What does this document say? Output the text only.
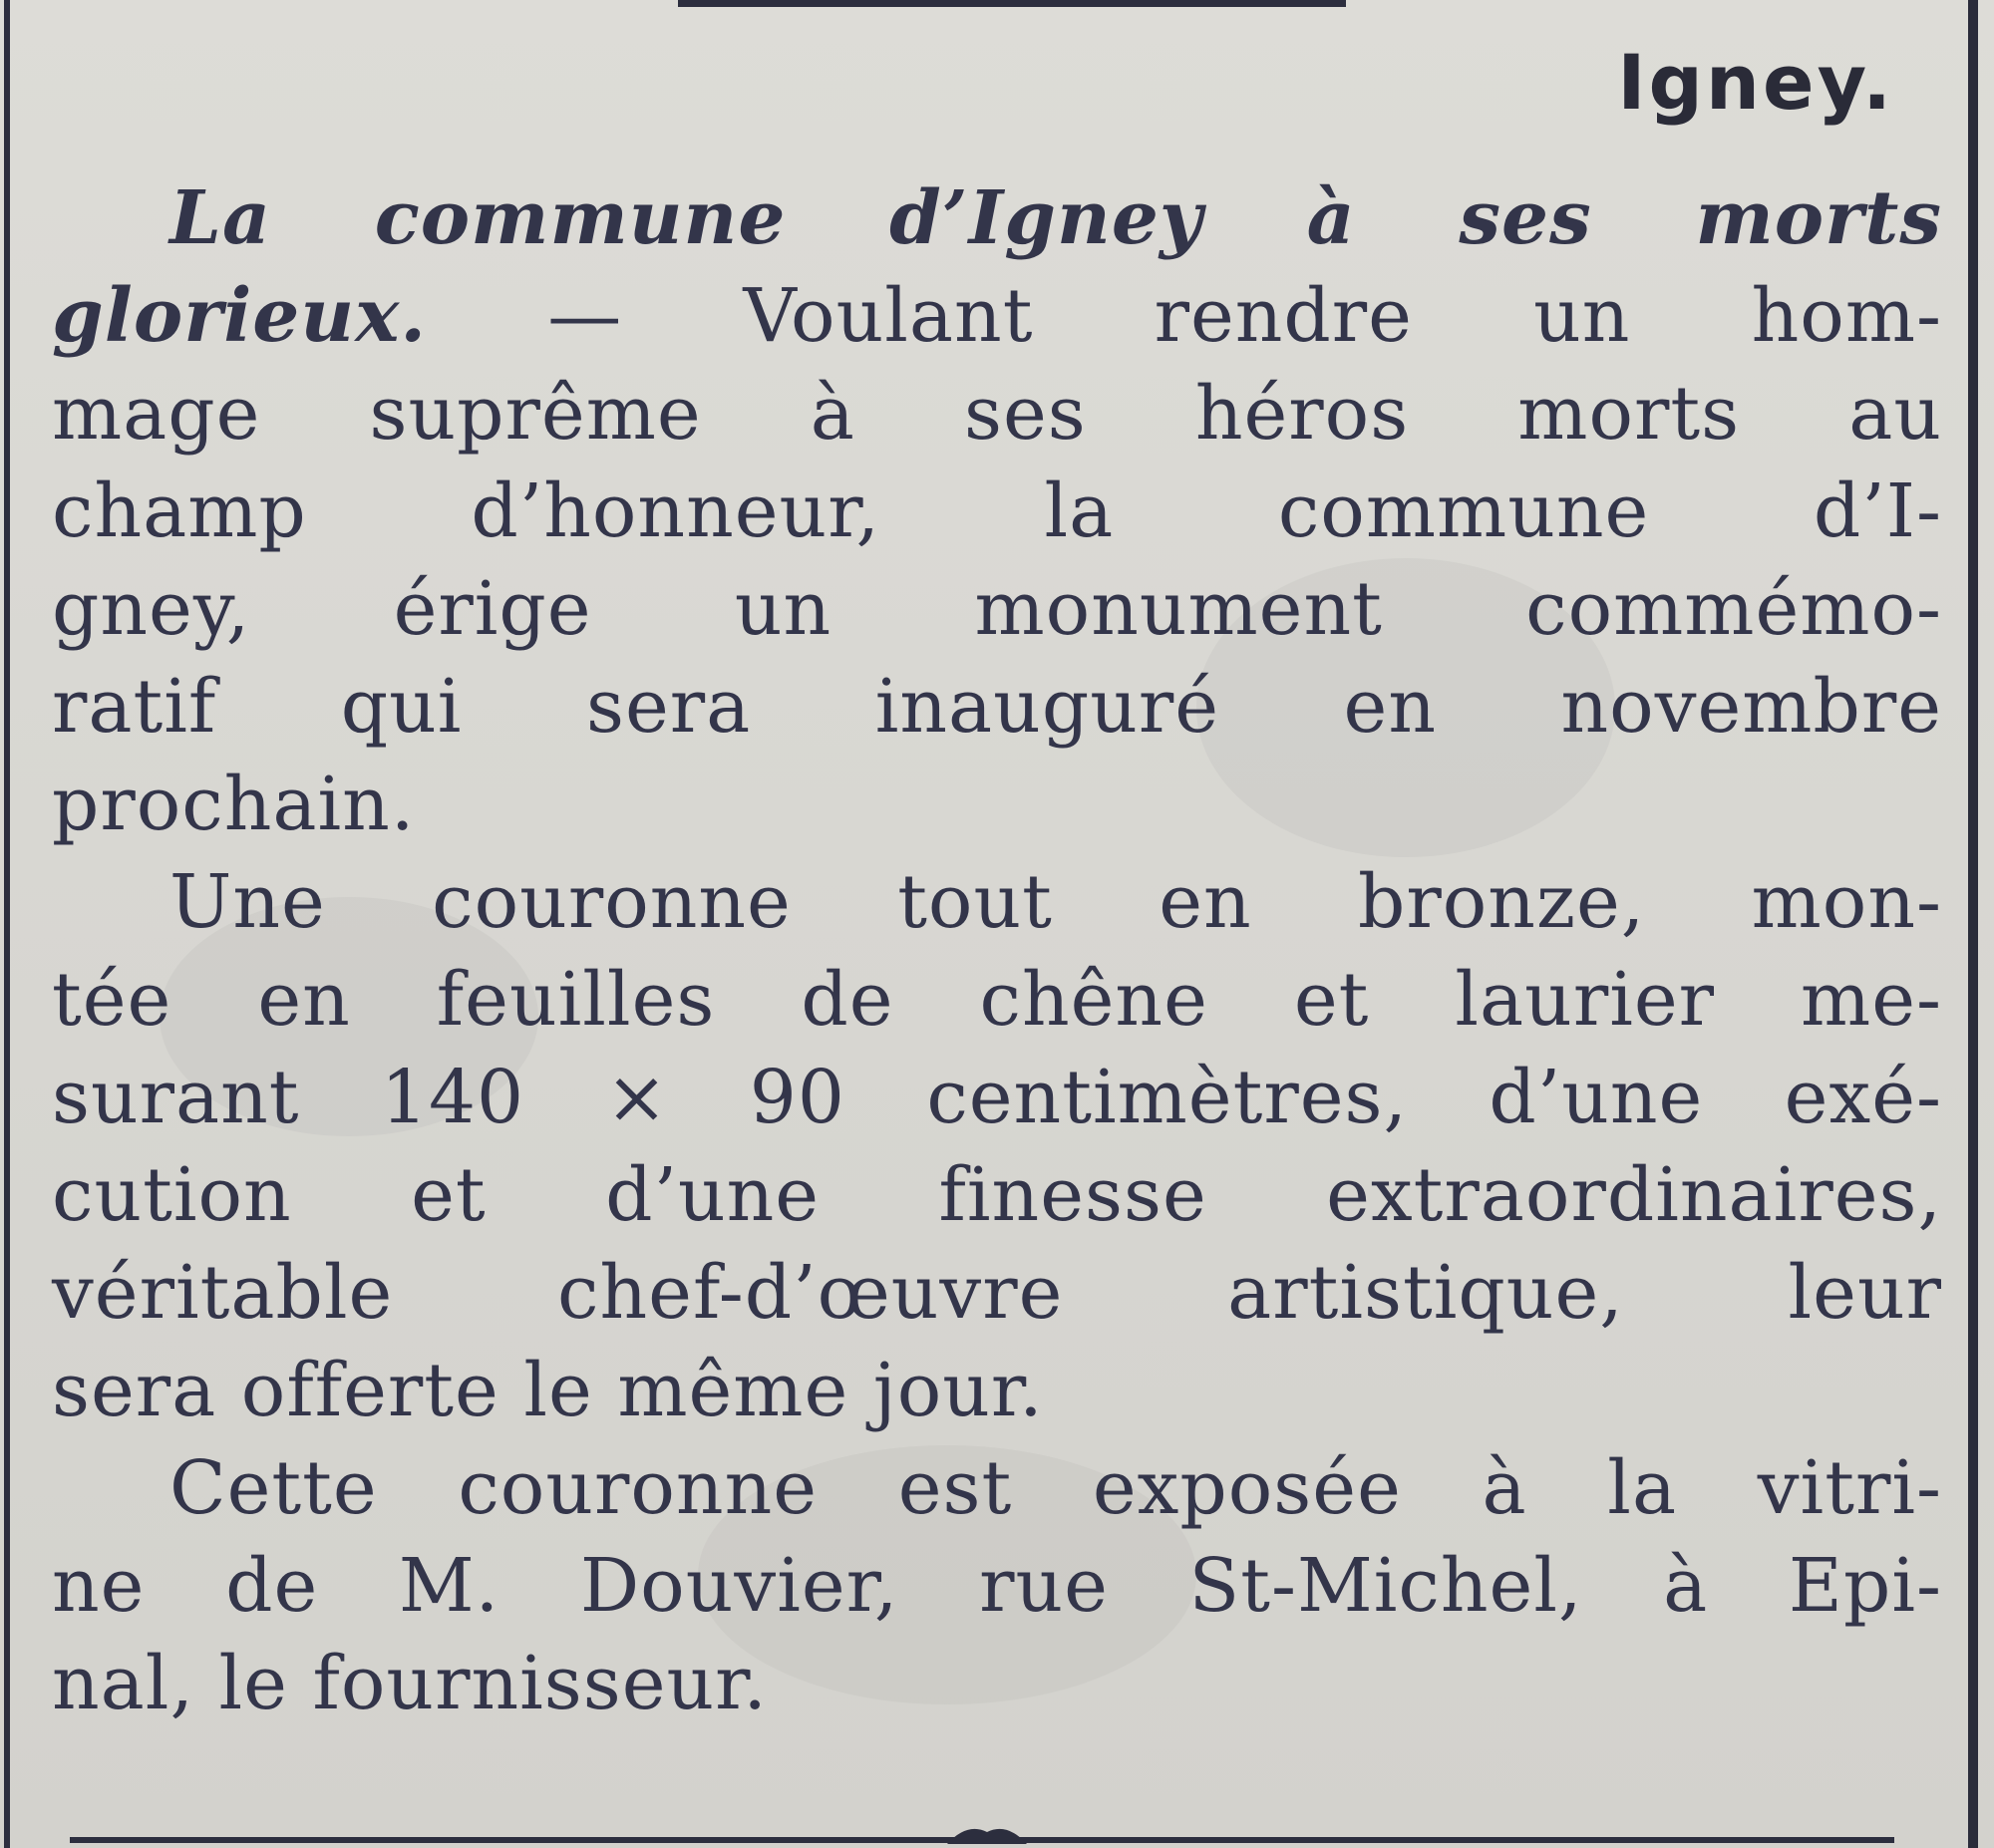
Igney.
La commune d’Igney à ses morts
glorieux. — Voulant rendre un hom-
mage suprême à ses héros morts au
champ d’honneur, la commune d’I-
gney, érige un monument commémo-
ratif qui sera inauguré en novembre
prochain.
Une couronne tout en bronze, mon-
tée en feuilles de chêne et laurier me-
surant 140 × 90 centimètres, d’une exé-
cution et d’une finesse extraordinaires,
véritable chef-d’œuvre artistique, leur
sera offerte le même jour.
Cette couronne est exposée à la vitri-
ne de M. Douvier, rue St-Michel, à Epi-
nal, le fournisseur.
